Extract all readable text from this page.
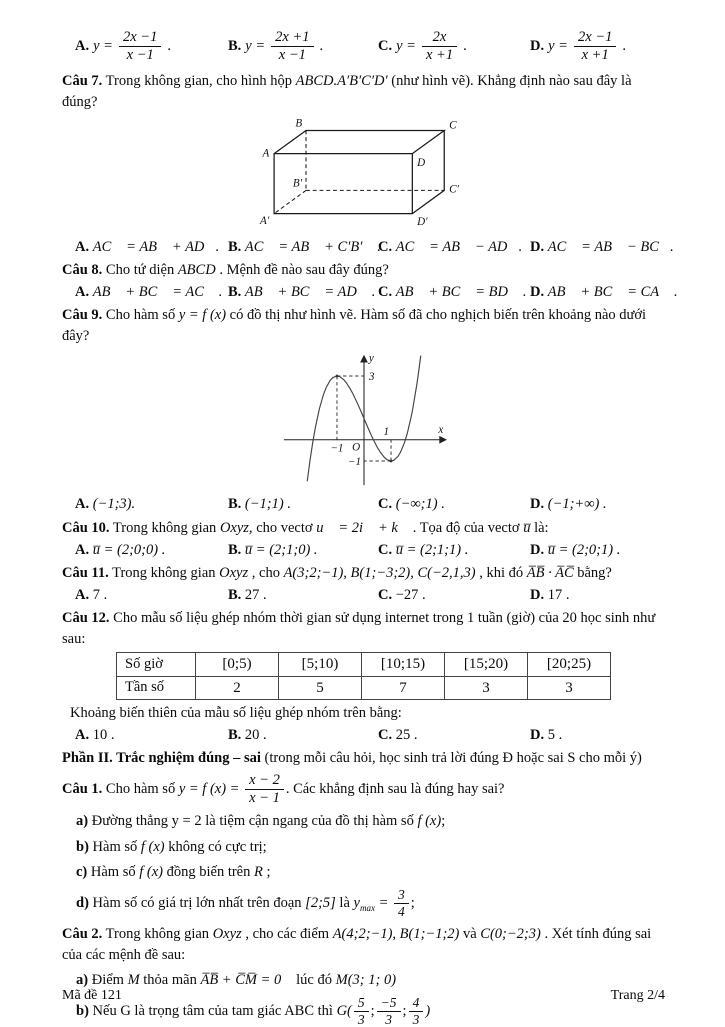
A. $y = \frac{2x -1}{x -1}$ .	B. $y = \frac{2x +1}{x -1}$ .	C. $y = \frac{2x}{x +1}$ .	D. $y = \frac{2x -1}{x +1}$ .

Câu 7. Trong không gian, cho hình hộp ABCD.A′B′C′D′ (như hình vẽ). Khẳng định nào sau đây là

đúng?

A
B	C
D
B′	C′
A′	D′
A. AC⃗ = AB⃗ + AD⃗. B. AC⃗ = AB⃗ + C′B′⃗ .
C. AC⃗ = AB⃗ − AD⃗. D. AC⃗ = AB⃗ − BC⃗.

Câu 8. Cho tứ diện ABCD . Mệnh đề nào sau đây đúng?

A. AB⃗ + BC⃗ = AC⃗ . B. AB⃗ + BC⃗ = AD⃗ . C. AB⃗ + BC⃗ = BD⃗ . D. AB⃗ + BC⃗ = CA⃗ .

Câu 9. Cho hàm số y = f (x) có đồ thị như hình vẽ. Hàm số đã cho nghịch biến trên khoảng nào dưới

đây?

y
x
O
3
−1
1
−1
A. (−1;3).	B. (−1;1) .	C. (−∞;1) .	D. (−1;+∞) .

Câu 10. Trong không gian Oxyz, cho vectơ u⃗ = 2i⃗ + k⃗ . Tọa độ của vectơ u̅ là:

A. u̅ = (2;0;0) .	B. u̅ = (2;1;0) .	C. u̅ = (2;1;1) .	D. u̅ = (2;0;1) .

Câu 11. Trong không gian Oxyz , cho A(3;2;−1), B(1;−3;2), C(−2,1,3) , khi đó A̅B̅ · A̅C̅ bằng?

A. 7 .	B. 27 .	C. −27 .	D. 17 .

Câu 12. Cho mẫu số liệu ghép nhóm thời gian sử dụng internet trong 1 tuần (giờ) của 20 học sinh như

sau:

Số giờ	[0;5)	[5;10)	[10;15)	[15;20)	[20;25)
Tần số	2	5	7	3	3

Khoảng biến thiên của mẫu số liệu ghép nhóm trên bằng:

A. 10 .	B. 20 .	C. 25 .	D. 5 .

Phần II. Trắc nghiệm đúng – sai (trong mỗi câu hỏi, học sinh trả lời đúng Đ hoặc sai S cho mỗi ý)

Câu 1. Cho hàm số y = f $(x) = \frac{x - 2}{x - 1}$ . Các khẳng định sau là đúng hay sai?

a) Đường thẳng y = 2 là tiệm cận ngang của đồ thị hàm số f (x);

b) Hàm số f (x) không có cực trị;

c) Hàm số f (x) đồng biến trên R ;

d) Hàm số có giá trị lớn nhất trên đoạn [2;5] là $y_{max} = \frac{3}{4}$ ;

Câu 2. Trong không gian Oxyz , cho các điểm A(4;2;−1), B(1;−1;2) và C(0;−2;3) . Xét tính đúng sai

của các mệnh đề sau:

a) Điểm M thỏa mãn A̅B̅ + C̅M̅ = 0⃗ lúc đó M(3; 1; 0)

b) Nếu G là trọng tâm của tam giác ABC thì $G( \frac{5}{3}$ ; $\frac{-5}{3}$ ; $\frac{4}{3}$ )

Mã đề 121	Trang 2/4
